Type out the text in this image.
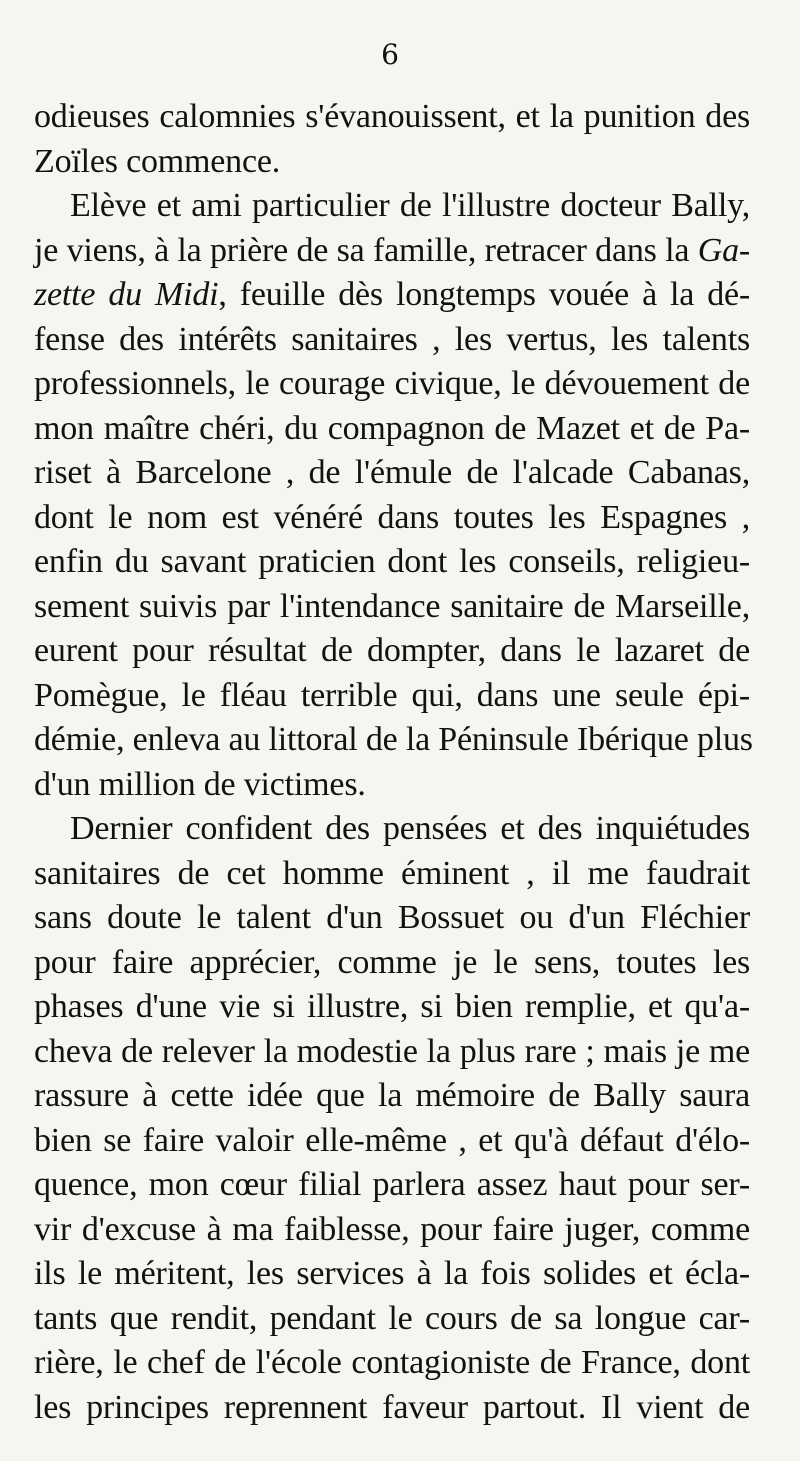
6
odieuses calomnies s'évanouissent, et la punition des
Zoïles commence.
Elève et ami particulier de l'illustre docteur Bally,
je viens, à la prière de sa famille, retracer dans la Ga-
zette du Midi, feuille dès longtemps vouée à la dé-
fense des intérêts sanitaires , les vertus, les talents
professionnels, le courage civique, le dévouement de
mon maître chéri, du compagnon de Mazet et de Pa-
riset à Barcelone , de l'émule de l'alcade Cabanas,
dont le nom est vénéré dans toutes les Espagnes ,
enfin du savant praticien dont les conseils, religieu-
sement suivis par l'intendance sanitaire de Marseille,
eurent pour résultat de dompter, dans le lazaret de
Pomègue, le fléau terrible qui, dans une seule épi-
démie, enleva au littoral de la Péninsule Ibérique plus
d'un million de victimes.
Dernier confident des pensées et des inquiétudes
sanitaires de cet homme éminent , il me faudrait
sans doute le talent d'un Bossuet ou d'un Fléchier
pour faire apprécier, comme je le sens, toutes les
phases d'une vie si illustre, si bien remplie, et qu'a-
cheva de relever la modestie la plus rare ; mais je me
rassure à cette idée que la mémoire de Bally saura
bien se faire valoir elle-même , et qu'à défaut d'élo-
quence, mon cœur filial parlera assez haut pour ser-
vir d'excuse à ma faiblesse, pour faire juger, comme
ils le méritent, les services à la fois solides et écla-
tants que rendit, pendant le cours de sa longue car-
rière, le chef de l'école contagioniste de France, dont
les principes reprennent faveur partout. Il vient de
